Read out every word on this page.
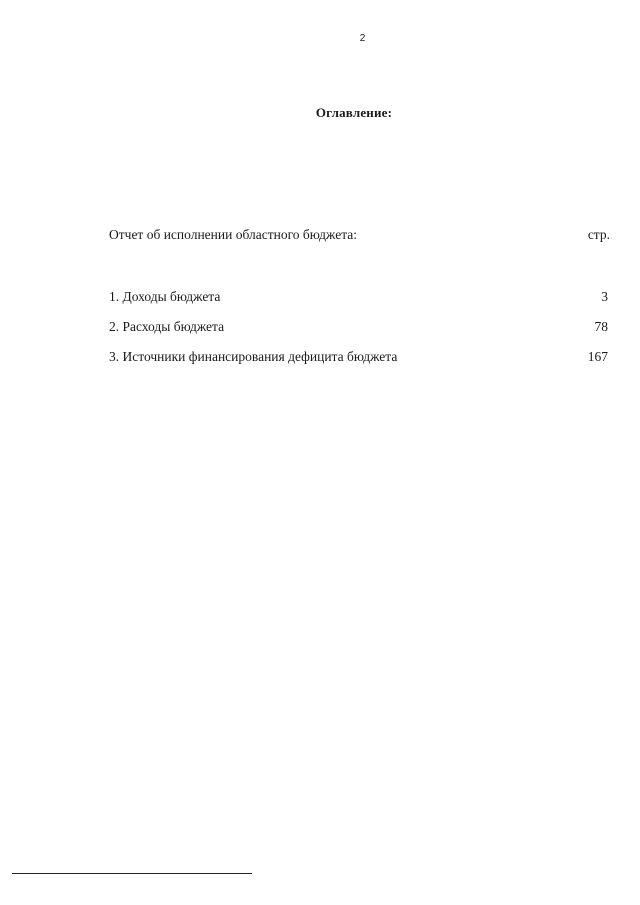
2
Оглавление:
Отчет об исполнении областного бюджета:	стр.
1. Доходы бюджета	3
2. Расходы бюджета	78
3. Источники финансирования дефицита бюджета	167
